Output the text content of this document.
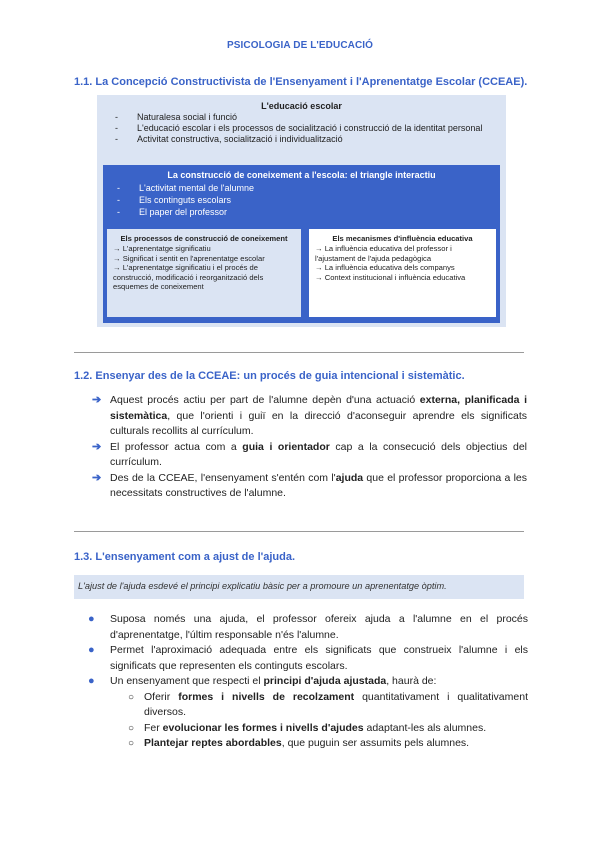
PSICOLOGIA DE L'EDUCACIÓ
1.1. La Concepció Constructivista de l'Ensenyament i l'Aprenentatge Escolar (CCEAE).
L'educació escolar
-	Naturalesa social i funció
-	L'educació escolar i els processos de socialització i construcció de la identitat personal
-	Activitat constructiva, socialització i individualització
La construcció de coneixement a l'escola: el triangle interactiu
-	L'activitat mental de l'alumne
-	Els continguts escolars
-	El paper del professor
Els processos de construcció de coneixement
→ L'aprenentatge significatiu
→ Significat i sentit en l'aprenentatge escolar
→ L'aprenentatge significatiu i el procés de construcció, modificació i reorganització dels esquemes de coneixement
Els mecanismes d'influència educativa
→ La influència educativa del professor i l'ajustament de l'ajuda pedagògica
→ La influència educativa dels companys
→ Context institucional i influència educativa
1.2. Ensenyar des de la CCEAE: un procés de guia intencional i sistemàtic.
➔ Aquest procés actiu per part de l'alumne depèn d'una actuació externa, planificada i sistemàtica, que l'orienti i guiï en la direcció d'aconseguir aprendre els significats culturals recollits al currículum.
➔ El professor actua com a guia i orientador cap a la consecució dels objectius del currículum.
➔ Des de la CCEAE, l'ensenyament s'entén com l'ajuda que el professor proporciona a les necessitats constructives de l'alumne.
1.3. L'ensenyament com a ajust de l'ajuda.
L'ajust de l'ajuda esdevé el principi explicatiu bàsic per a promoure un aprenentatge òptim.
●	Suposa només una ajuda, el professor ofereix ajuda a l'alumne en el procés d'aprenentatge, l'últim responsable n'és l'alumne.
●	Permet l'aproximació adequada entre els significats que construeix l'alumne i els significats que representen els continguts escolars.
●	Un ensenyament que respecti el principi d'ajuda ajustada, haurà de:
○ Oferir formes i nivells de recolzament quantitativament i qualitativament diversos.
○ Fer evolucionar les formes i nivells d'ajudes adaptant-les als alumnes.
○ Plantejar reptes abordables, que puguin ser assumits pels alumnes.
